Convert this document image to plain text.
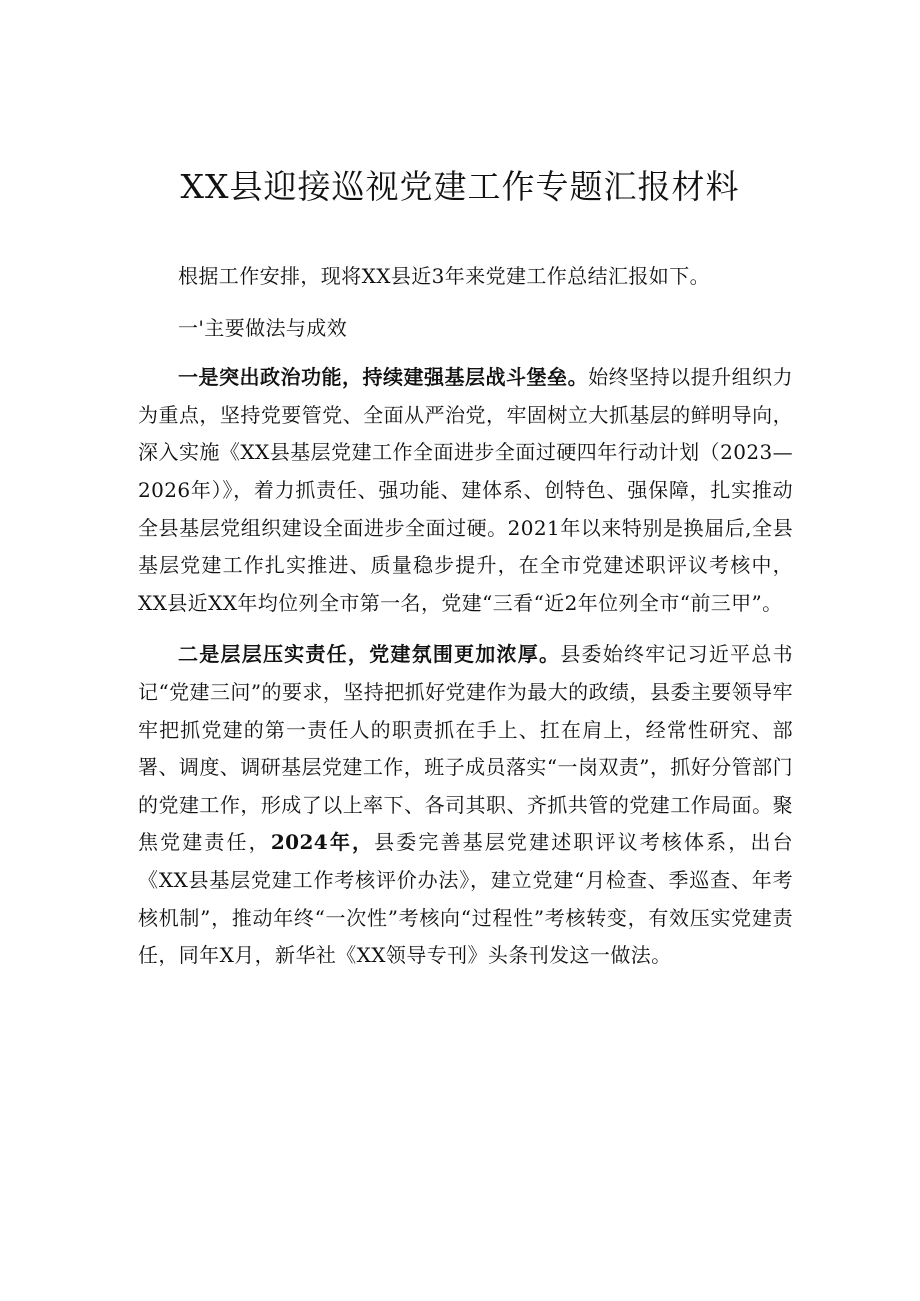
XX县迎接巡视党建工作专题汇报材料

根据工作安排，现将XX县近3年来党建工作总结汇报如下。

一'主要做法与成效

一是突出政治功能，持续建强基层战斗堡垒。始终坚持以提升组织力为重点，坚持党要管党、全面从严治党，牢固树立大抓基层的鲜明导向，深入实施《XX县基层党建工作全面进步全面过硬四年行动计划（2023—2026年）》，着力抓责任、强功能、建体系、创特色、强保障，扎实推动全县基层党组织建设全面进步全面过硬。2021年以来特别是换届后,全县基层党建工作扎实推进、质量稳步提升，在全市党建述职评议考核中，XX县近XX年均位列全市第一名，党建“三看“近2年位列全市“前三甲”。

二是层层压实责任，党建氛围更加浓厚。县委始终牢记习近平总书记“党建三问”的要求，坚持把抓好党建作为最大的政绩，县委主要领导牢牢把抓党建的第一责任人的职责抓在手上、扛在肩上，经常性研究、部署、调度、调研基层党建工作，班子成员落实“一岗双责”，抓好分管部门的党建工作，形成了以上率下、各司其职、齐抓共管的党建工作局面。聚焦党建责任，2024年，县委完善基层党建述职评议考核体系，出台《XX县基层党建工作考核评价办法》，建立党建“月检查、季巡查、年考核机制”，推动年终“一次性”考核向“过程性”考核转变，有效压实党建责任，同年X月，新华社《XX领导专刊》头条刊发这一做法。
